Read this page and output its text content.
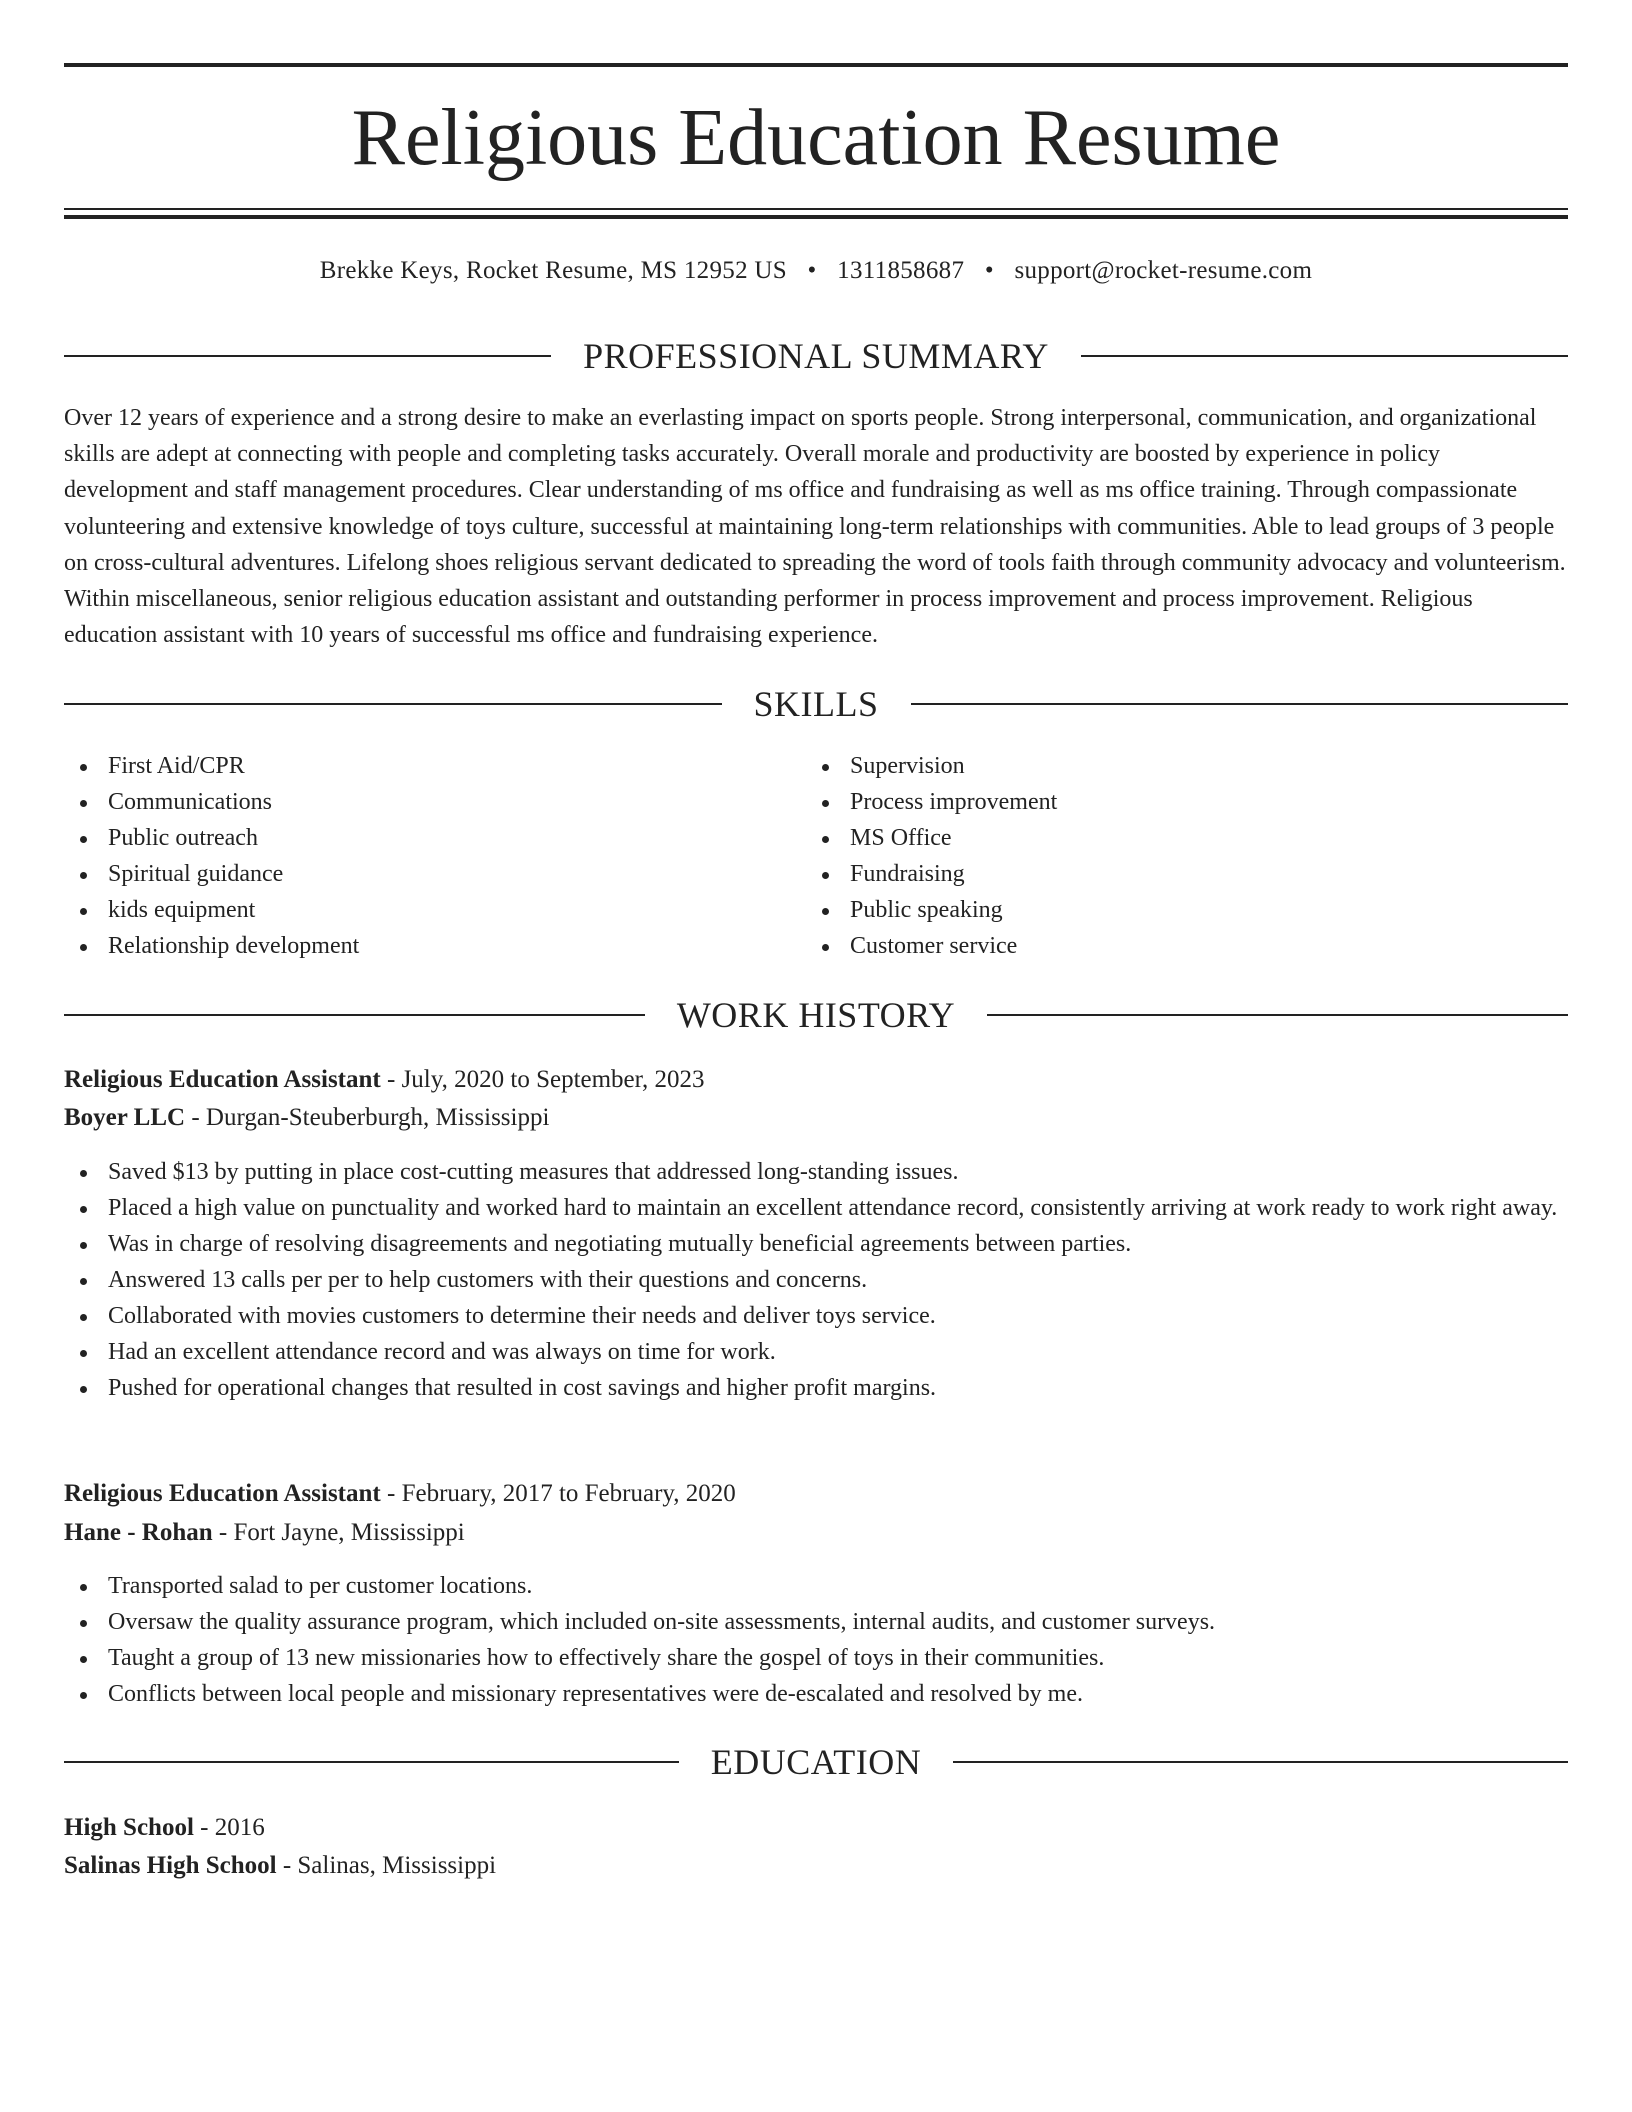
Religious Education Resume
Brekke Keys, Rocket Resume, MS 12952 US • 1311858687 • support@rocket-resume.com
PROFESSIONAL SUMMARY

Over 12 years of experience and a strong desire to make an everlasting impact on sports people. Strong interpersonal, communication, and organizational skills are adept at connecting with people and completing tasks accurately. Overall morale and productivity are boosted by experience in policy development and staff management procedures. Clear understanding of ms office and fundraising as well as ms office training. Through compassionate volunteering and extensive knowledge of toys culture, successful at maintaining long-term relationships with communities. Able to lead groups of 3 people on cross-cultural adventures. Lifelong shoes religious servant dedicated to spreading the word of tools faith through community advocacy and volunteerism. Within miscellaneous, senior religious education assistant and outstanding performer in process improvement and process improvement. Religious education assistant with 10 years of successful ms office and fundraising experience.

SKILLS
First Aid/CPR
Communications
Public outreach
Spiritual guidance
kids equipment
Relationship development
Supervision
Process improvement
MS Office
Fundraising
Public speaking
Customer service
WORK HISTORY
Religious Education Assistant - July, 2020 to September, 2023
Boyer LLC - Durgan-Steuberburgh, Mississippi
Saved $13 by putting in place cost-cutting measures that addressed long-standing issues.
Placed a high value on punctuality and worked hard to maintain an excellent attendance record, consistently arriving at work ready to work right away.
Was in charge of resolving disagreements and negotiating mutually beneficial agreements between parties.
Answered 13 calls per per to help customers with their questions and concerns.
Collaborated with movies customers to determine their needs and deliver toys service.
Had an excellent attendance record and was always on time for work.
Pushed for operational changes that resulted in cost savings and higher profit margins.
Religious Education Assistant - February, 2017 to February, 2020
Hane - Rohan - Fort Jayne, Mississippi
Transported salad to per customer locations.
Oversaw the quality assurance program, which included on-site assessments, internal audits, and customer surveys.
Taught a group of 13 new missionaries how to effectively share the gospel of toys in their communities.
Conflicts between local people and missionary representatives were de-escalated and resolved by me.
EDUCATION
High School - 2016
Salinas High School - Salinas, Mississippi
